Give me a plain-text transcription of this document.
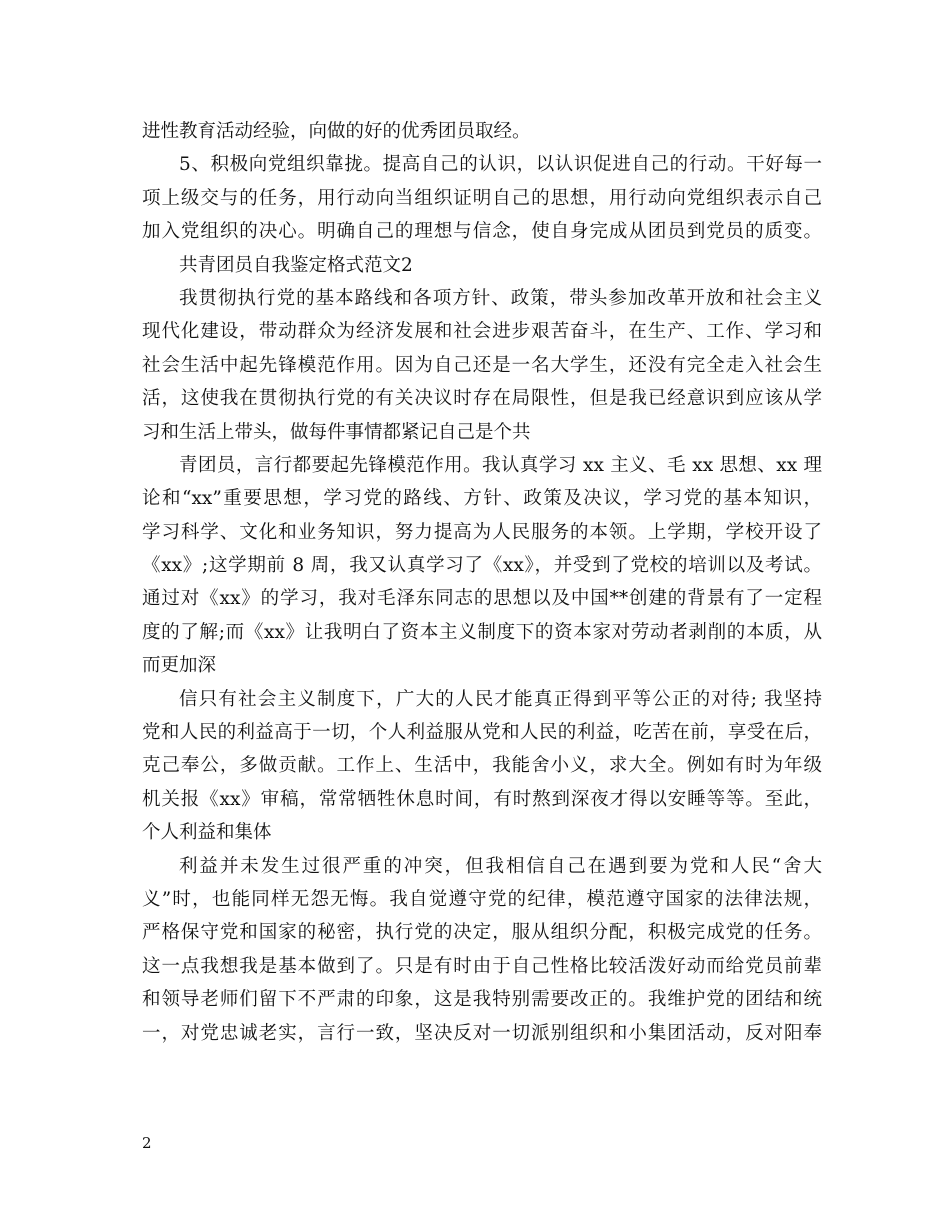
进性教育活动经验，向做的好的优秀团员取经。
5、积极向党组织靠拢。提高自己的认识，以认识促进自己的行动。干好每一
项上级交与的任务，用行动向当组织证明自己的思想，用行动向党组织表示自己
加入党组织的决心。明确自己的理想与信念，使自身完成从团员到党员的质变。
共青团员自我鉴定格式范文2
我贯彻执行党的基本路线和各项方针、政策，带头参加改革开放和社会主义
现代化建设，带动群众为经济发展和社会进步艰苦奋斗，在生产、工作、学习和
社会生活中起先锋模范作用。因为自己还是一名大学生，还没有完全走入社会生
活，这使我在贯彻执行党的有关决议时存在局限性，但是我已经意识到应该从学
习和生活上带头，做每件事情都紧记自己是个共
青团员，言行都要起先锋模范作用。我认真学习 xx 主义、毛 xx 思想、xx 理
论和“xx”重要思想，学习党的路线、方针、政策及决议，学习党的基本知识，
学习科学、文化和业务知识，努力提高为人民服务的本领。上学期，学校开设了
《xx》;这学期前 8 周，我又认真学习了《xx》，并受到了党校的培训以及考试。
通过对《xx》的学习，我对毛泽东同志的思想以及中国**创建的背景有了一定程
度的了解;而《xx》让我明白了资本主义制度下的资本家对劳动者剥削的本质，从
而更加深
信只有社会主义制度下，广大的人民才能真正得到平等公正的对待; 我坚持
党和人民的利益高于一切，个人利益服从党和人民的利益，吃苦在前，享受在后，
克己奉公，多做贡献。工作上、生活中，我能舍小义，求大全。例如有时为年级
机关报《xx》审稿，常常牺牲休息时间，有时熬到深夜才得以安睡等等。至此，
个人利益和集体
利益并未发生过很严重的冲突，但我相信自己在遇到要为党和人民“舍大
义”时，也能同样无怨无悔。我自觉遵守党的纪律，模范遵守国家的法律法规，
严格保守党和国家的秘密，执行党的决定，服从组织分配，积极完成党的任务。
这一点我想我是基本做到了。只是有时由于自己性格比较活泼好动而给党员前辈
和领导老师们留下不严肃的印象，这是我特别需要改正的。我维护党的团结和统
一，对党忠诚老实，言行一致，坚决反对一切派别组织和小集团活动，反对阳奉
2
